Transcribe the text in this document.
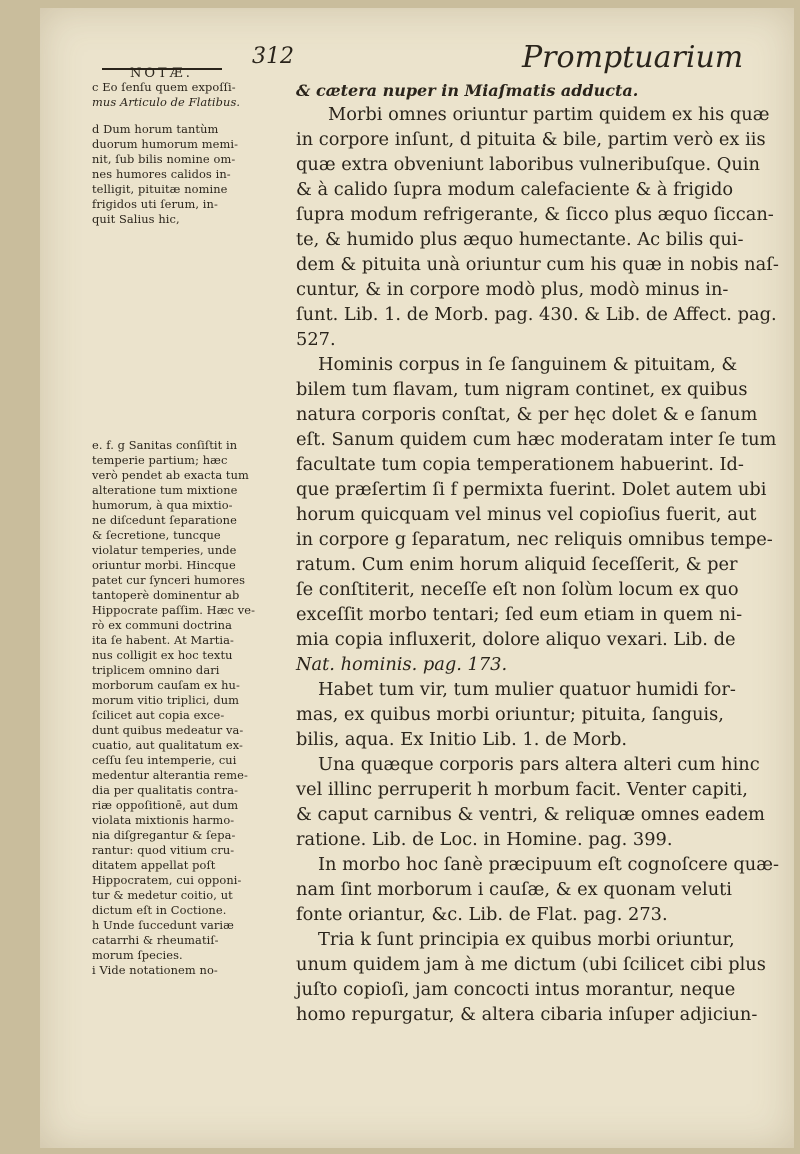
NOTÆ.
312	Promptuarium

c Eo ſenſu quem expoſſi-

mus Articulo de Flatibus.

d Dum horum tantùm

duorum humorum memi-

nit, ſub bilis nomine om-

nes humores calidos in-

telligit, pituitæ nomine

frigidos uti ſerum, in-

quit Salius hic,

e. f. g Sanitas conſiſtit in

temperie partium; hæc

verò pendet ab exacta tum

alteratione tum mixtione

humorum, à qua mixtio-

ne diſcedunt ſeparatione

& ſecretione, tuncque

violatur temperies, unde

oriuntur morbi. Hincque

patet cur ſynceri humores

tantoperè dominentur ab

Hippocrate paſſim. Hæc ve-

rò ex communi doctrina

ita ſe habent. At Martia-

nus colligit ex hoc textu

triplicem omnino dari

morborum cauſam ex hu-

morum vitio triplici, dum

ſcilicet aut copia exce-

dunt quibus medeatur va-

cuatio, aut qualitatum ex-

ceſſu ſeu intemperie, cui

medentur alterantia reme-

dia per qualitatis contra-

riæ oppoſitionē, aut dum

violata mixtionis harmo-

nia diſgregantur & ſepa-

rantur: quod vitium cru-

ditatem appellat poſt

Hippocratem, cui opponi-

tur & medetur coitio, ut

dictum eſt in Coctione.

h Unde ſuccedunt variæ

catarrhi & rheumatiſ-

morum ſpecies.

i Vide notationem no-

& cætera nuper in Miaſmatis adducta.
Morbi omnes oriuntur partim quidem ex his quæ
in corpore inſunt, d pituita & bile, partim verò ex iis
quæ extra obveniunt laboribus vulneribuſque. Quin
& à calido ſupra modum calefaciente & à frigido
ſupra modum refrigerante, & ſicco plus æquo ſiccan-
te, & humido plus æquo humectante. Ac bilis qui-
dem & pituita unà oriuntur cum his quæ in nobis naſ-
cuntur, & in corpore modò plus, modò minus in-
ſunt. Lib. 1. de Morb. pag. 430. & Lib. de Affect. pag.
527.
Hominis corpus in ſe ſanguinem & pituitam, &
bilem tum flavam, tum nigram continet, ex quibus
natura corporis conſtat, & per hęc dolet & e ſanum
eſt. Sanum quidem cum hæc moderatam inter ſe tum
facultate tum copia temperationem habuerint. Id-
que præſertim ſi f permixta fuerint. Dolet autem ubi
horum quicquam vel minus vel copioſius fuerit, aut
in corpore g ſeparatum, nec reliquis omnibus tempe-
ratum. Cum enim horum aliquid ſeceſſerit, & per
ſe conſtiterit, neceſſe eſt non ſolùm locum ex quo
exceſſit morbo tentari; ſed eum etiam in quem ni-
mia copia influxerit, dolore aliquo vexari. Lib. de
Nat. hominis. pag. 173.
Habet tum vir, tum mulier quatuor humidi for-
mas, ex quibus morbi oriuntur; pituita, ſanguis,
bilis, aqua. Ex Initio Lib. 1. de Morb.
Una quæque corporis pars altera alteri cum hinc
vel illinc perruperit h morbum facit. Venter capiti,
& caput carnibus & ventri, & reliquæ omnes eadem
ratione. Lib. de Loc. in Homine. pag. 399.
In morbo hoc ſanè præcipuum eſt cognoſcere quæ-
nam ſint morborum i cauſæ, & ex quonam veluti
fonte oriantur, &c. Lib. de Flat. pag. 273.
Tria k ſunt principia ex quibus morbi oriuntur,
unum quidem jam à me dictum (ubi ſcilicet cibi plus
juſto copioſi, jam concocti intus morantur, neque
homo repurgatur, & altera cibaria inſuper adjiciun-
